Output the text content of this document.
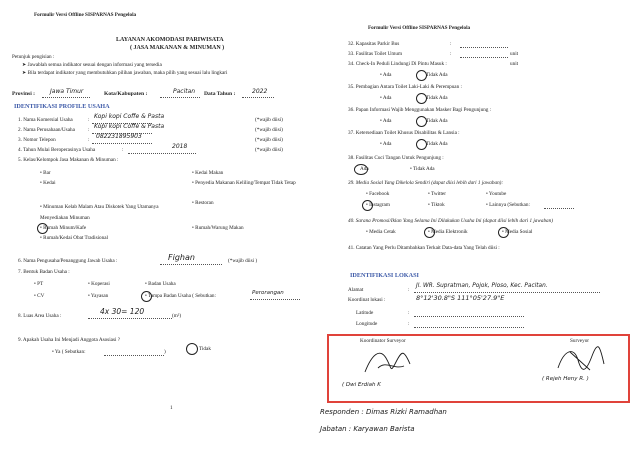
Formulir Versi Offline SISPARNAS Pengelola
LAYANAN AKOMODASI PARIWISATA
( JASA MAKANAN & MINUMAN )
Petunjuk pengisian :
➤ Jawablah semua indikator sesuai dengan informasi yang tersedia
➤ Bila terdapat indikator yang membutuhkan pilihan jawaban, maka pilih yang sesuai lalu lingkari
Provinsi : Jawa Timur	Kota/Kabupaten :	Pacitan Data Tahun :	2022
IDENTIFIKASI PROFILE USAHA
1. Nama Komersial Usaha	: Kopi kopi Coffe & Pasta	(*wajib diisi)
2. Nama Perusahaan/Usaha	: Kopi kopi Coffe & Pasta	(*wajib diisi)
3. Nomor Telepon	: 082231895903	(*wajib diisi)
4. Tahun Mulai Beroperasinya Usaha	:	2018	(*wajib diisi)
5. Kelas/Kelompok Jasa Makanan & Minuman :
• Bar	• Kedai Makan
• Kedai	• Penyedia Makanan Keliling/Tempat Tidak Tetap
• Restoran
• Minuman Kelab Malam Atau Diskotek Yang Utamanya Menyediakan Minuman
• Rumah Minum/Kafe	• Rumah/Warung Makan
• Rumah/Kedai Obat Tradisional
6. Nama Pengusaha/Penanggung Jawab Usaha :	Fighan	(*wajib diisi )
7. Bentuk Badan Usaha :
• PT	• Koperasi	• Badan Usaha
• CV	• Yayasan	• Tampa Badan Usaha ( Sebutkan:	Perorangan
8. Luas Area Usaha :	4x 30= 120	(m²)
9. Apakah Usaha Ini Menjadi Anggota Asosiasi ?
• Ya ( Sebutkan:	)	Tidak
1
Formulir Versi Offline SISPARNAS Pengelola
32. Kapasitas Parkir Bus	:
33. Fasilitas Toilet Umum	:	unit
34. Check-In Peduli Lindungi Di Pintu Masuk :	unit
• Ada	Tidak Ada
35. Pembagian Antara Toilet Laki-Laki & Perempuan :
• Ada	Tidak Ada
36. Papan Informasi Wajib Menggunakan Masker Bagi Pengunjung :
• Ada	Tidak Ada
37. Ketersediaan Toilet Khusus Disabilitas & Lansia :
• Ada	Tidak Ada
38. Fasilitas Cuci Tangan Untuk Pengunjung :
Ada	• Tidak Ada
39. Media Sosial Yang Dikelola Sendiri (dapat diisi lebih dari 1 jawaban):
• Facebook	• Twitter	• Youtube
• Instagram	• Tiktok	• Lainnya (Sebutkan:
40. Sarana Promosi/Iklan Yang Selama Ini Dilakukan Usaha Ini (dapat diisi lebih dari 1 jawaban)
• Media Cetak	• Media Elektronik	• Media Sosial
41. Catatan Yang Perlu Ditambahkan Terkait Data-data Yang Telah diisi :
IDENTIFIKASI LOKASI
Alamat	:
Jl. WR. Supratman, Pojok, Ploso, Kec. Pacitan.
Koordinat lokasi :	8°12'30.8"S 111°05'27.9"E
Latitude	:
Longitude	:
Koordinator Surveyor	Surveyor
( Dwi Erdiah K
( Rejeh Heny R. )
Responden : Dimas Rizki Ramadhan
Jabatan : Karyawan Barista
